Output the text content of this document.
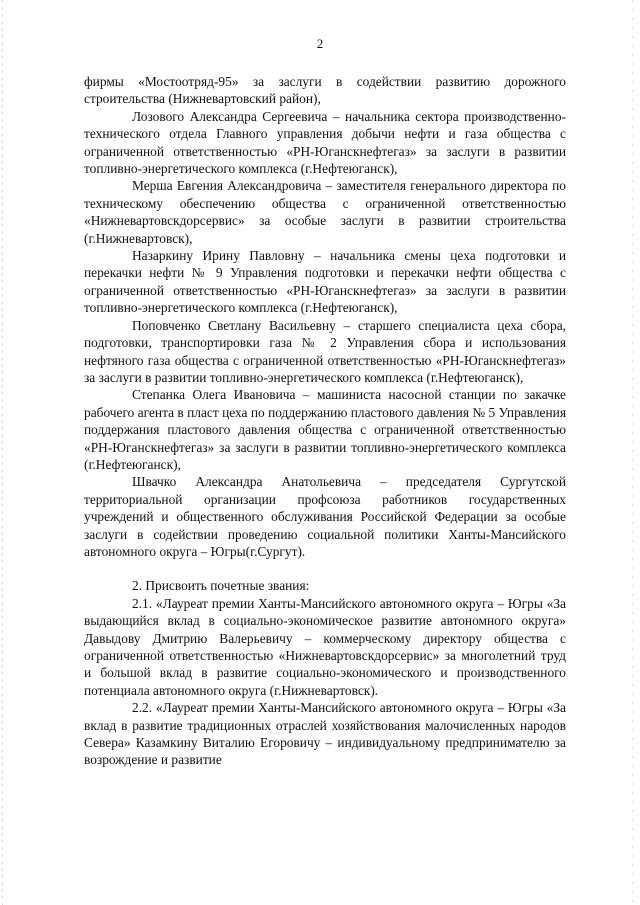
2

фирмы «Мостоотряд-95» за заслуги в содействии развитию дорожного строительства (Нижневартовский район),

Лозового Александра Сергеевича – начальника сектора производственно-технического отдела Главного управления добычи нефти и газа общества с ограниченной ответственностью «РН-Юганскнефтегаз» за заслуги в развитии топливно-энергетического комплекса (г.Нефтеюганск),

Мерша Евгения Александровича – заместителя генерального директора по техническому обеспечению общества с ограниченной ответственностью «Нижневартовскдорсервис» за особые заслуги в развитии строительства (г.Нижневартовск),

Назаркину Ирину Павловну – начальника смены цеха подготовки и перекачки нефти № 9 Управления подготовки и перекачки нефти общества с ограниченной ответственностью «РН-Юганскнефтегаз» за заслуги в развитии топливно-энергетического комплекса (г.Нефтеюганск),

Поповченко Светлану Васильевну – старшего специалиста цеха сбора, подготовки, транспортировки газа № 2 Управления сбора и использования нефтяного газа общества с ограниченной ответственностью «РН-Юганскнефтегаз» за заслуги в развитии топливно-энергетического комплекса (г.Нефтеюганск),

Степанка Олега Ивановича – машиниста насосной станции по закачке рабочего агента в пласт цеха по поддержанию пластового давления № 5 Управления поддержания пластового давления общества с ограниченной ответственностью «РН-Юганскнефтегаз» за заслуги в развитии топливно-энергетического комплекса (г.Нефтеюганск),

Швачко Александра Анатольевича – председателя Сургутской территориальной организации профсоюза работников государственных учреждений и общественного обслуживания Российской Федерации за особые заслуги в содействии проведению социальной политики Ханты-Мансийского автономного округа – Югры(г.Сургут).

2. Присвоить почетные звания:

2.1. «Лауреат премии Ханты-Мансийского автономного округа – Югры «За выдающийся вклад в социально-экономическое развитие автономного округа» Давыдову Дмитрию Валерьевичу – коммерческому директору общества с ограниченной ответственностью «Нижневартовскдорсервис» за многолетний труд и большой вклад в развитие социально-экономического и производственного потенциала автономного округа (г.Нижневартовск).

2.2. «Лауреат премии Ханты-Мансийского автономного округа – Югры «За вклад в развитие традиционных отраслей хозяйствования малочисленных народов Севера» Казамкину Виталию Егоровичу – индивидуальному предпринимателю за возрождение и развитие
